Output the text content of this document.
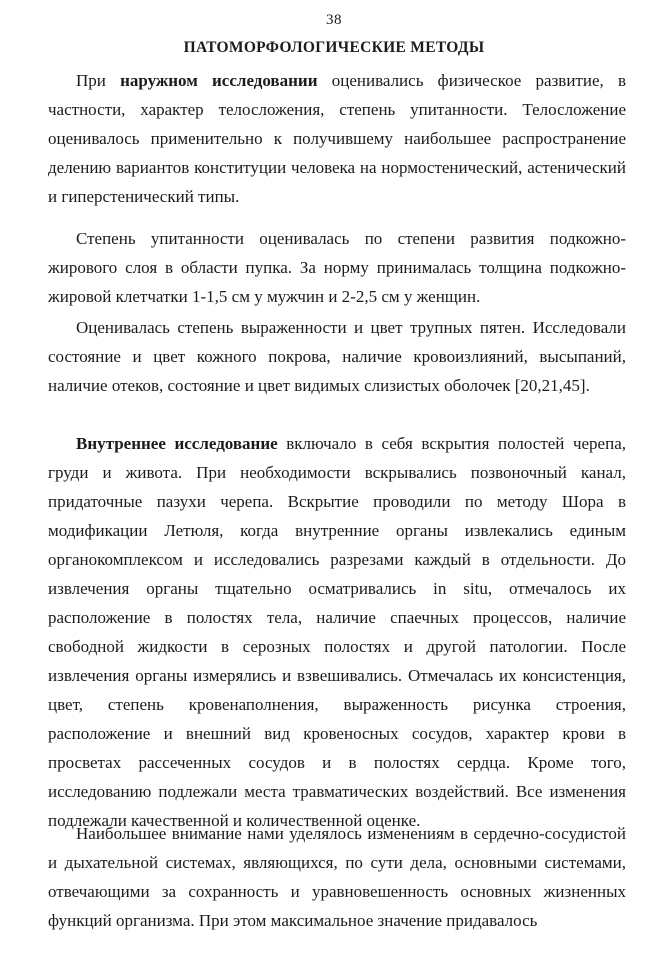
38
ПАТОМОРФОЛОГИЧЕСКИЕ МЕТОДЫ

При наружном исследовании оценивались физическое развитие, в частности, характер телосложения, степень упитанности. Телосложение оценивалось применительно к получившему наибольшее распространение делению вариантов конституции человека на нормостенический, астенический и гиперстенический типы.

Степень упитанности оценивалась по степени развития подкожно-жирового слоя в области пупка. За норму принималась толщина подкожно-жировой клетчатки 1-1,5 см у мужчин и 2-2,5 см у женщин.

Оценивалась степень выраженности и цвет трупных пятен. Исследовали состояние и цвет кожного покрова, наличие кровоизлияний, высыпаний, наличие отеков, состояние и цвет видимых слизистых оболочек [20,21,45].

Внутреннее исследование включало в себя вскрытия полостей черепа, груди и живота. При необходимости вскрывались позвоночный канал, придаточные пазухи черепа. Вскрытие проводили по методу Шора в модификации Летюля, когда внутренние органы извлекались единым органокомплексом и исследовались разрезами каждый в отдельности. До извлечения органы тщательно осматривались in situ, отмечалось их расположение в полостях тела, наличие спаечных процессов, наличие свободной жидкости в серозных полостях и другой патологии. После извлечения органы измерялись и взвешивались. Отмечалась их консистенция, цвет, степень кровенаполнения, выраженность рисунка строения, расположение и внешний вид кровеносных сосудов, характер крови в просветах рассеченных сосудов и в полостях сердца. Кроме того, исследованию подлежали места травматических воздействий. Все изменения подлежали качественной и количественной оценке.

Наибольшее внимание нами уделялось изменениям в сердечно-сосудистой и дыхательной системах, являющихся, по сути дела, основными системами, отвечающими за сохранность и уравновешенность основных жизненных функций организма. При этом максимальное значение придавалось
